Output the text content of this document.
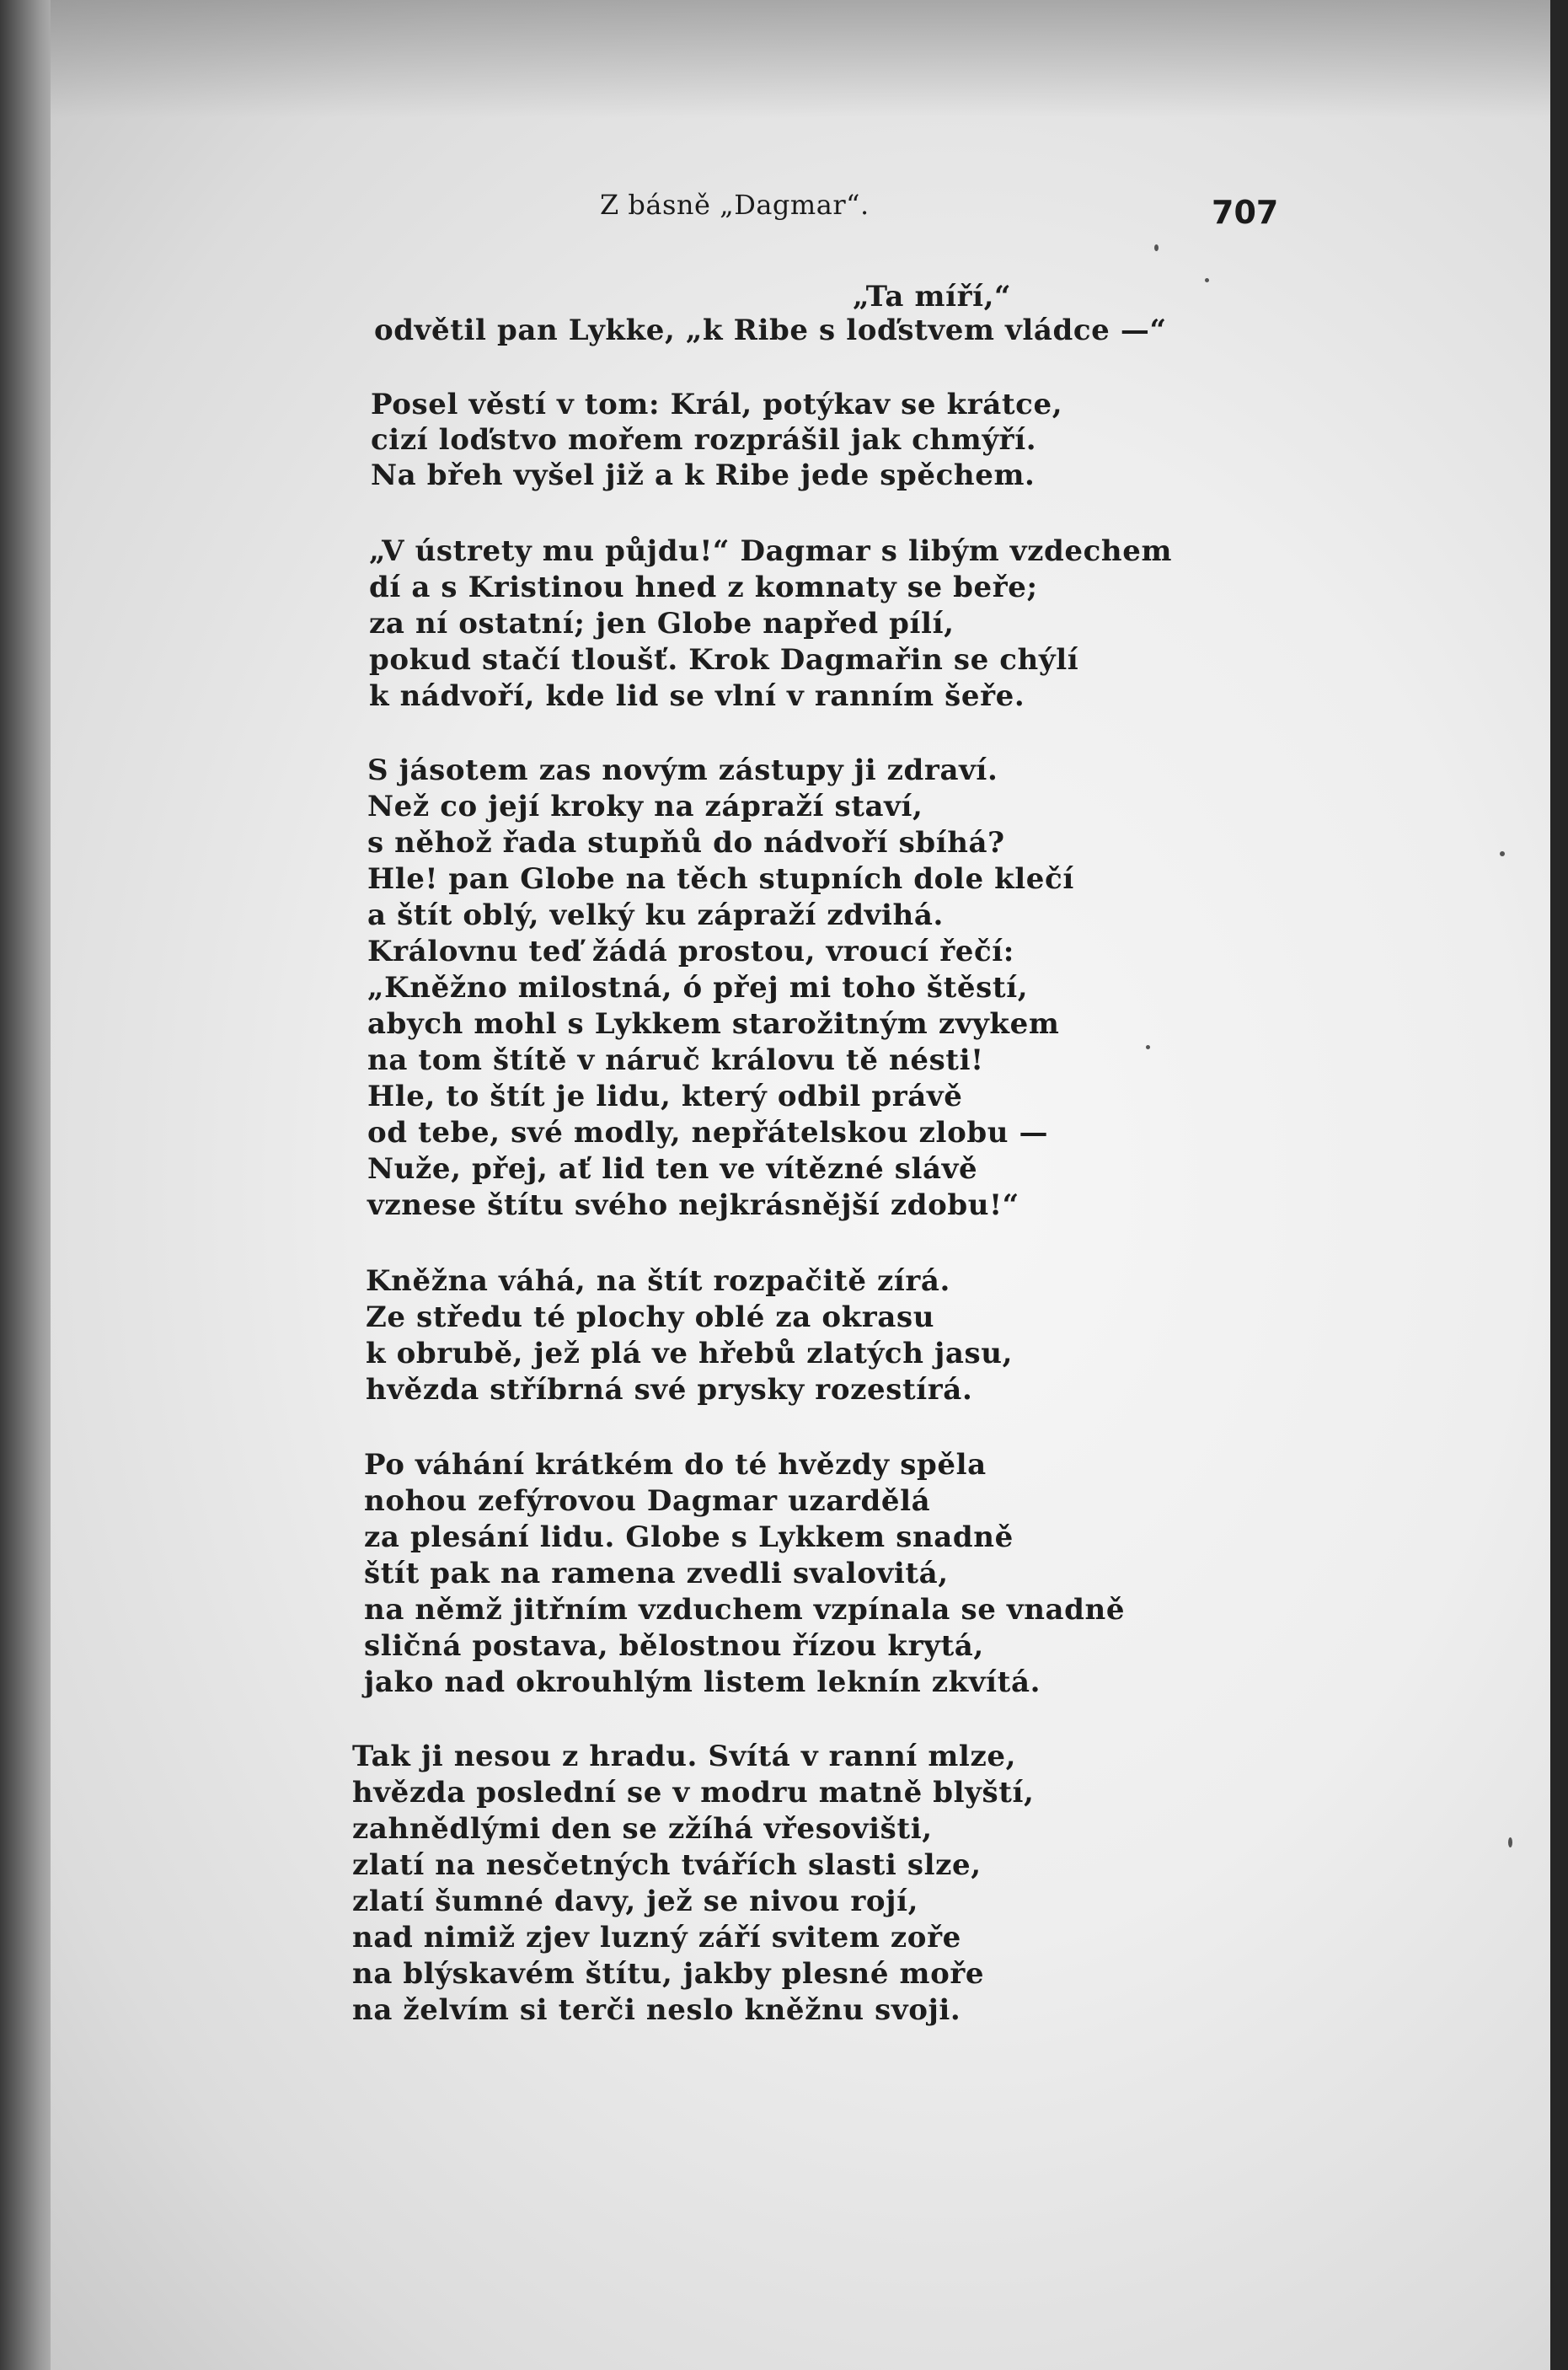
Z básně „Dagmar“.	707
„Ta míří,“
odvětil pan Lykke, „k Ribe s loďstvem vládce —“
Posel věstí v tom: Král, potýkav se krátce,
cizí loďstvo mořem rozprášil jak chmýří.
Na břeh vyšel již a k Ribe jede spěchem.
„V ústrety mu půjdu!“ Dagmar s libým vzdechem
dí a s Kristinou hned z komnaty se beře;
za ní ostatní; jen Globe napřed pílí,
pokud stačí tloušť. Krok Dagmařin se chýlí
k nádvoří, kde lid se vlní v ranním šeře.
S jásotem zas novým zástupy ji zdraví.
Než co její kroky na zápraží staví,
s něhož řada stupňů do nádvoří sbíhá?
Hle! pan Globe na těch stupních dole klečí
a štít oblý, velký ku zápraží zdvihá.
Královnu teď žádá prostou, vroucí řečí:
„Kněžno milostná, ó přej mi toho štěstí,
abych mohl s Lykkem starožitným zvykem
na tom štítě v náruč královu tě nésti!
Hle, to štít je lidu, který odbil právě
od tebe, své modly, nepřátelskou zlobu —
Nuže, přej, ať lid ten ve vítězné slávě
vznese štítu svého nejkrásnější zdobu!“
Kněžna váhá, na štít rozpačitě zírá.
Ze středu té plochy oblé za okrasu
k obrubě, jež plá ve hřebů zlatých jasu,
hvězda stříbrná své prysky rozestírá.
Po váhání krátkém do té hvězdy spěla
nohou zefýrovou Dagmar uzardělá
za plesání lidu. Globe s Lykkem snadně
štít pak na ramena zvedli svalovitá,
na němž jitřním vzduchem vzpínala se vnadně
sličná postava, bělostnou řízou krytá,
jako nad okrouhlým listem leknín zkvítá.
Tak ji nesou z hradu. Svítá v ranní mlze,
hvězda poslední se v modru matně blyští,
zahnědlými den se zžíhá vřesovišti,
zlatí na nesčetných tvářích slasti slze,
zlatí šumné davy, jež se nivou rojí,
nad nimiž zjev luzný září svitem zoře
na blýskavém štítu, jakby plesné moře
na želvím si terči neslo kněžnu svoji.
